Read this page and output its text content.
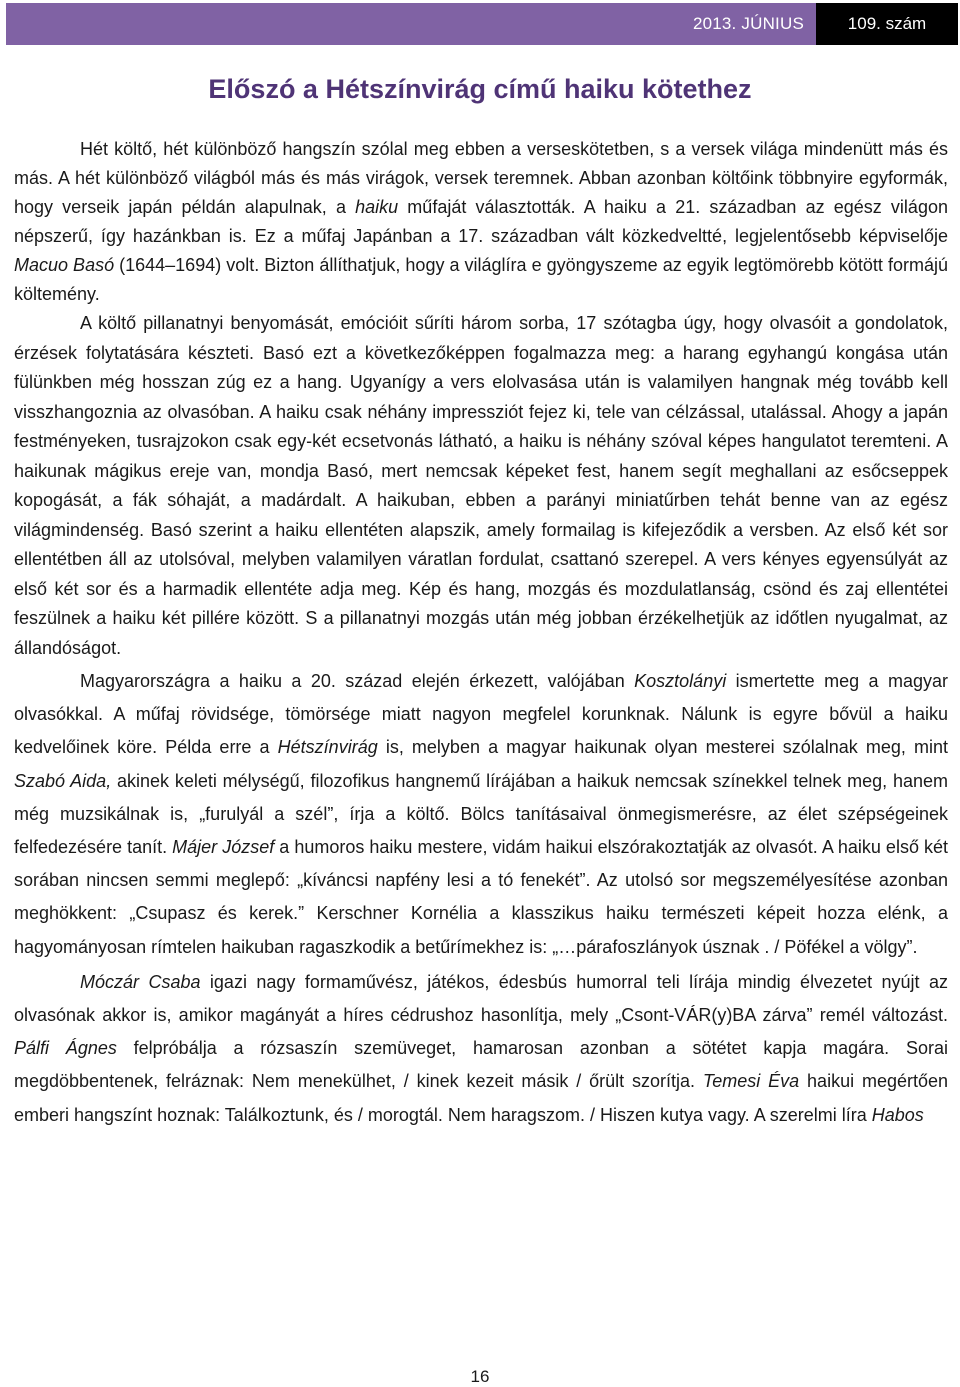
2013. JÚNIUS	109. szám
Előszó a Hétszínvirág című haiku kötethez

Hét költő, hét különböző hangszín szólal meg ebben a verseskötetben, s a versek világa mindenütt más és más. A hét különböző világból más és más virágok, versek teremnek. Abban azonban költőink többnyire egyformák, hogy verseik japán példán alapulnak, a haiku műfaját választották. A haiku a 21. században az egész világon népszerű, így hazánkban is. Ez a műfaj Japánban a 17. században vált közkedveltté, legjelentősebb képviselője Macuo Basó (1644–1694) volt. Bizton állíthatjuk, hogy a világlíra e gyöngyszeme az egyik legtömörebb kötött formájú költemény.

A költő pillanatnyi benyomását, emócióit sűríti három sorba, 17 szótagba úgy, hogy olvasóit a gondolatok, érzések folytatására készteti. Basó ezt a következőképpen fogalmazza meg: a harang egyhangú kongása után fülünkben még hosszan zúg ez a hang. Ugyanígy a vers elolvasása után is valamilyen hangnak még tovább kell visszhangoznia az olvasóban. A haiku csak néhány impressziót fejez ki, tele van célzással, utalással. Ahogy a japán festményeken, tusrajzokon csak egy-két ecsetvonás látható, a haiku is néhány szóval képes hangulatot teremteni. A haikunak mágikus ereje van, mondja Basó, mert nemcsak képeket fest, hanem segít meghallani az esőcseppek kopogását, a fák sóhaját, a madárdalt. A haikuban, ebben a parányi miniatűrben tehát benne van az egész világmindenség. Basó szerint a haiku ellentéten alapszik, amely formailag is kifejeződik a versben. Az első két sor ellentétben áll az utolsóval, melyben valamilyen váratlan fordulat, csattanó szerepel. A vers kényes egyensúlyát az első két sor és a harmadik ellentéte adja meg. Kép és hang, mozgás és mozdulatlanság, csönd és zaj ellentétei feszülnek a haiku két pillére között. S a pillanatnyi mozgás után még jobban érzékelhetjük az időtlen nyugalmat, az állandóságot.

Magyarországra a haiku a 20. század elején érkezett, valójában Kosztolányi ismertette meg a magyar olvasókkal. A műfaj rövidsége, tömörsége miatt nagyon megfelel korunknak. Nálunk is egyre bővül a haiku kedvelőinek köre. Példa erre a Hétszínvirág is, melyben a magyar haikunak olyan mesterei szólalnak meg, mint Szabó Aida, akinek keleti mélységű, filozofikus hangnemű lírájában a haikuk nemcsak színekkel telnek meg, hanem még muzsikálnak is, „furulyál a szél”, írja a költő. Bölcs tanításaival önmegismerésre, az élet szépségeinek felfedezésére tanít. Májer József a humoros haiku mestere, vidám haikui elszórakoztatják az olvasót. A haiku első két sorában nincsen semmi meglepő: „kíváncsi napfény lesi a tó fenekét”. Az utolsó sor megszemélyesítése azonban meghökkent: „Csupasz és kerek.” Kerschner Kornélia a klasszikus haiku természeti képeit hozza elénk, a hagyományosan rímtelen haikuban ragaszkodik a betűrímekhez is: „…párafoszlányok úsznak . / Pöfékel a völgy”.

Móczár Csaba igazi nagy formaművész, játékos, édesbús humorral teli lírája mindig élvezetet nyújt az olvasónak akkor is, amikor magányát a híres cédrushoz hasonlítja, mely „Csont-VÁR(y)BA zárva” remél változást. Pálfi Ágnes felpróbálja a rózsaszín szemüveget, hamarosan azonban a sötétet kapja magára. Sorai megdöbbentenek, felráznak: Nem menekülhet, / kinek kezeit másik / őrült szorítja. Temesi Éva haikui megértően emberi hangszínt hoznak: Találkoztunk, és / morogtál. Nem haragszom. / Hiszen kutya vagy. A szerelmi líra Habos

16
